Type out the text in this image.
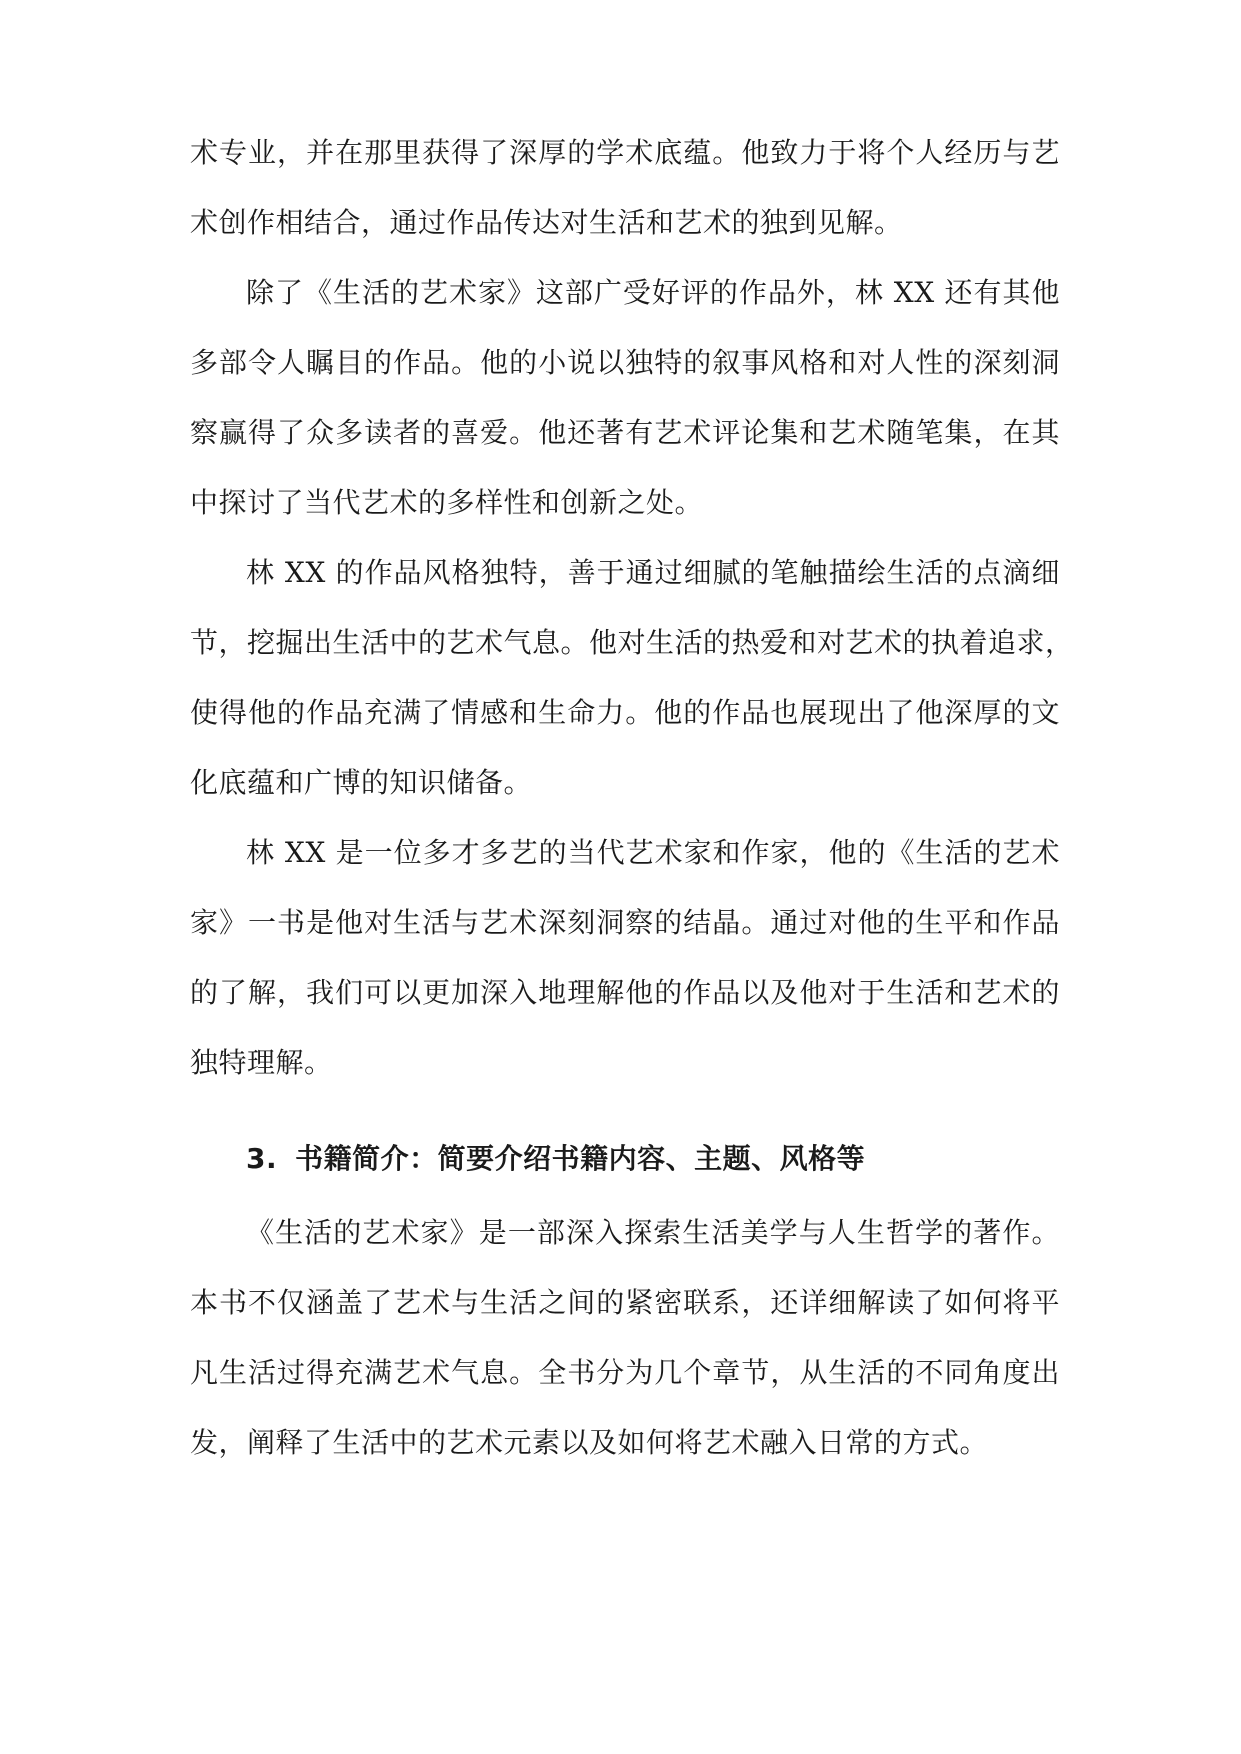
术专业，并在那里获得了深厚的学术底蕴。他致力于将个人经历与艺

术创作相结合，通过作品传达对生活和艺术的独到见解。

除了《生活的艺术家》这部广受好评的作品外，林 XX 还有其他

多部令人瞩目的作品。他的小说以独特的叙事风格和对人性的深刻洞

察赢得了众多读者的喜爱。他还著有艺术评论集和艺术随笔集，在其

中探讨了当代艺术的多样性和创新之处。

林 XX 的作品风格独特，善于通过细腻的笔触描绘生活的点滴细

节，挖掘出生活中的艺术气息。他对生活的热爱和对艺术的执着追求，

使得他的作品充满了情感和生命力。他的作品也展现出了他深厚的文

化底蕴和广博的知识储备。

林 XX 是一位多才多艺的当代艺术家和作家，他的《生活的艺术

家》一书是他对生活与艺术深刻洞察的结晶。通过对他的生平和作品

的了解，我们可以更加深入地理解他的作品以及他对于生活和艺术的

独特理解。

3. 书籍简介：简要介绍书籍内容、主题、风格等

《生活的艺术家》是一部深入探索生活美学与人生哲学的著作。

本书不仅涵盖了艺术与生活之间的紧密联系，还详细解读了如何将平

凡生活过得充满艺术气息。全书分为几个章节，从生活的不同角度出

发，阐释了生活中的艺术元素以及如何将艺术融入日常的方式。
